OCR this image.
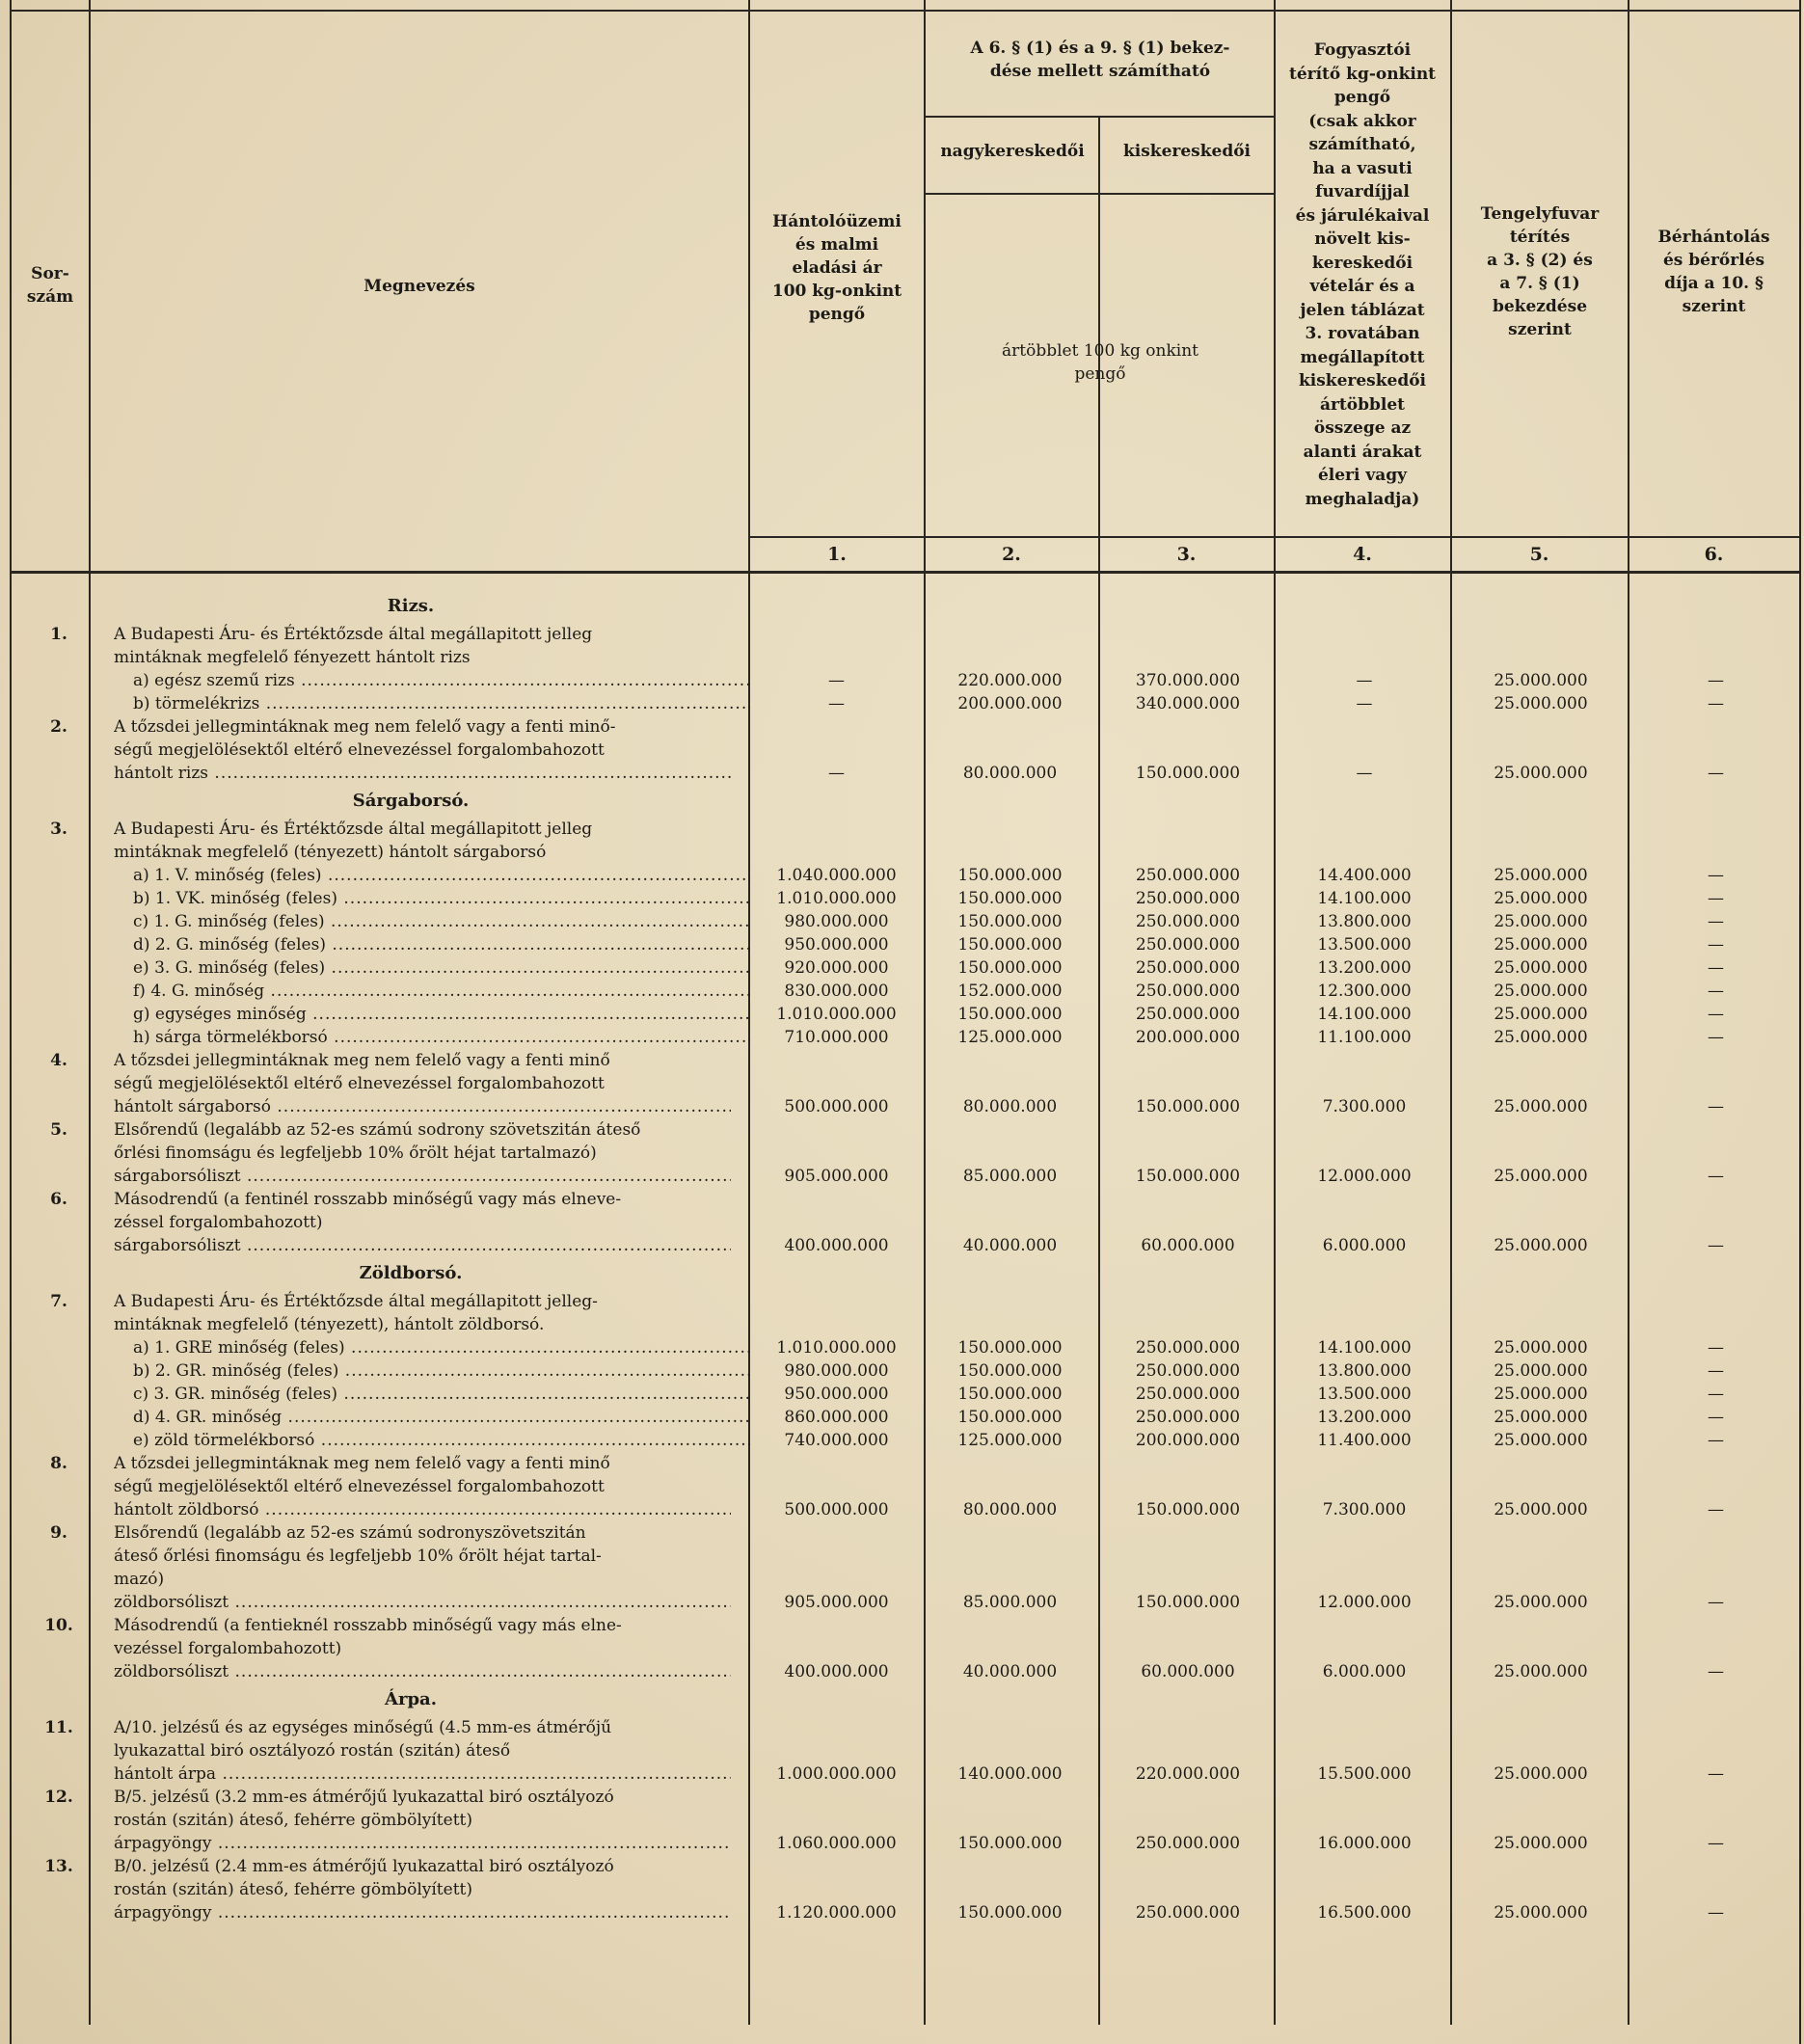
Sor-
szám
Megnevezés
Hántolóüzemi
és malmi
eladási ár
100 kg-onkint
pengő
A 6. § (1) és a 9. § (1) bekez-
dése mellett számítható
nagykereskedői	kiskereskedői
ártöbblet 100 kg onkint
pengő
Fogyasztói
térítő kg-onkint
pengő
(csak akkor
számítható,
ha a vasuti
fuvardíjjal
és járulékaival
növelt kis-
kereskedői
vételár és a
jelen táblázat
3. rovatában
megállapított
kiskereskedői
ártöbblet
összege az
alanti árakat
éleri vagy
meghaladja)
Tengelyfuvar
térítés
a 3. § (2) és
a 7. § (1)
bekezdése
szerint
Bérhántolás
és bérőrlés
díja a 10. §
szerint
1.	2.	3.	4.	5.	6.
Rizs.
1.	A Budapesti Áru- és Értéktőzsde által megállapitott jelleg
mintáknak megfelelő fényezett hántolt rizs
a) egész szemű rizs .....	—	220.000.000	370.000.000	—	25.000.000	—
b) törmelékrizs .....	—	200.000.000	340.000.000	—	25.000.000	—
2.	A tőzsdei jellegmintáknak meg nem felelő vagy a fenti minő-
ségű megjelölésektől eltérő elnevezéssel forgalombahozott
hántolt rizs .....	—	80.000.000	150.000.000	—	25.000.000	—
Sárgaborsó.
3.	A Budapesti Áru- és Értéktőzsde által megállapitott jelleg
mintáknak megfelelő (tényezett) hántolt sárgaborsó
a) 1. V. minőség (feles) .....	1.040.000.000	150.000.000	250.000.000	14.400.000	25.000.000	—
b) 1. VK. minőség (feles) .....	1.010.000.000	150.000.000	250.000.000	14.100.000	25.000.000	—
c) 1. G. minőség (feles) .....	980.000.000	150.000.000	250.000.000	13.800.000	25.000.000	—
d) 2. G. minőség (feles) .....	950.000.000	150.000.000	250.000.000	13.500.000	25.000.000	—
e) 3. G. minőség (feles) .....	920.000.000	150.000.000	250.000.000	13.200.000	25.000.000	—
f) 4. G. minőség .....	830.000.000	152.000.000	250.000.000	12.300.000	25.000.000	—
g) egységes minőség .....	1.010.000.000	150.000.000	250.000.000	14.100.000	25.000.000	—
h) sárga törmelékborsó .....	710.000.000	125.000.000	200.000.000	11.100.000	25.000.000	—
4.	A tőzsdei jellegmintáknak meg nem felelő vagy a fenti minő
ségű megjelölésektől eltérő elnevezéssel forgalombahozott
hántolt sárgaborsó .....	500.000.000	80.000.000	150.000.000	7.300.000	25.000.000	—
5.	Elsőrendű (legalább az 52-es számú sodrony szövetszitán áteső
őrlési finomságu és legfeljebb 10% őrölt héjat tartalmazó)
sárgaborsóliszt .....	905.000.000	85.000.000	150.000.000	12.000.000	25.000.000	—
6.	Másodrendű (a fentinél rosszabb minőségű vagy más elneve-
zéssel forgalombahozott)
sárgaborsóliszt .....	400.000.000	40.000.000	60.000.000	6.000.000	25.000.000	—
Zöldborsó.
7.	A Budapesti Áru- és Értéktőzsde által megállapitott jelleg-
mintáknak megfelelő (tényezett), hántolt zöldborsó.
a) 1. GRE minőség (feles) .....	1.010.000.000	150.000.000	250.000.000	14.100.000	25.000.000	—
b) 2. GR. minőség (feles) .....	980.000.000	150.000.000	250.000.000	13.800.000	25.000.000	—
c) 3. GR. minőség (feles) .....	950.000.000	150.000.000	250.000.000	13.500.000	25.000.000	—
d) 4. GR. minőség .....	860.000.000	150.000.000	250.000.000	13.200.000	25.000.000	—
e) zöld törmelékborsó .....	740.000.000	125.000.000	200.000.000	11.400.000	25.000.000	—
8.	A tőzsdei jellegmintáknak meg nem felelő vagy a fenti minő
ségű megjelölésektől eltérő elnevezéssel forgalombahozott
hántolt zöldborsó .....	500.000.000	80.000.000	150.000.000	7.300.000	25.000.000	—
9.	Elsőrendű (legalább az 52-es számú sodronyszövetszitán
áteső őrlési finomságu és legfeljebb 10% őrölt héjat tartal-
mazó)
zöldborsóliszt .....	905.000.000	85.000.000	150.000.000	12.000.000	25.000.000	—
10.	Másodrendű (a fentieknél rosszabb minőségű vagy más elne-
vezéssel forgalombahozott)
zöldborsóliszt .....	400.000.000	40.000.000	60.000.000	6.000.000	25.000.000	—
Árpa.
11.	A/10. jelzésű és az egységes minőségű (4.5 mm-es átmérőjű
lyukazattal biró osztályozó rostán (szitán) áteső
hántolt árpa .....	1.000.000.000	140.000.000	220.000.000	15.500.000	25.000.000	—
12.	B/5. jelzésű (3.2 mm-es átmérőjű lyukazattal biró osztályozó
rostán (szitán) áteső, fehérre gömbölyített)
árpagyöngy .....	1.060.000.000	150.000.000	250.000.000	16.000.000	25.000.000	—
13.	B/0. jelzésű (2.4 mm-es átmérőjű lyukazattal biró osztályozó
rostán (szitán) áteső, fehérre gömbölyített)
árpagyöngy .....	1.120.000.000	150.000.000	250.000.000	16.500.000	25.000.000	—
